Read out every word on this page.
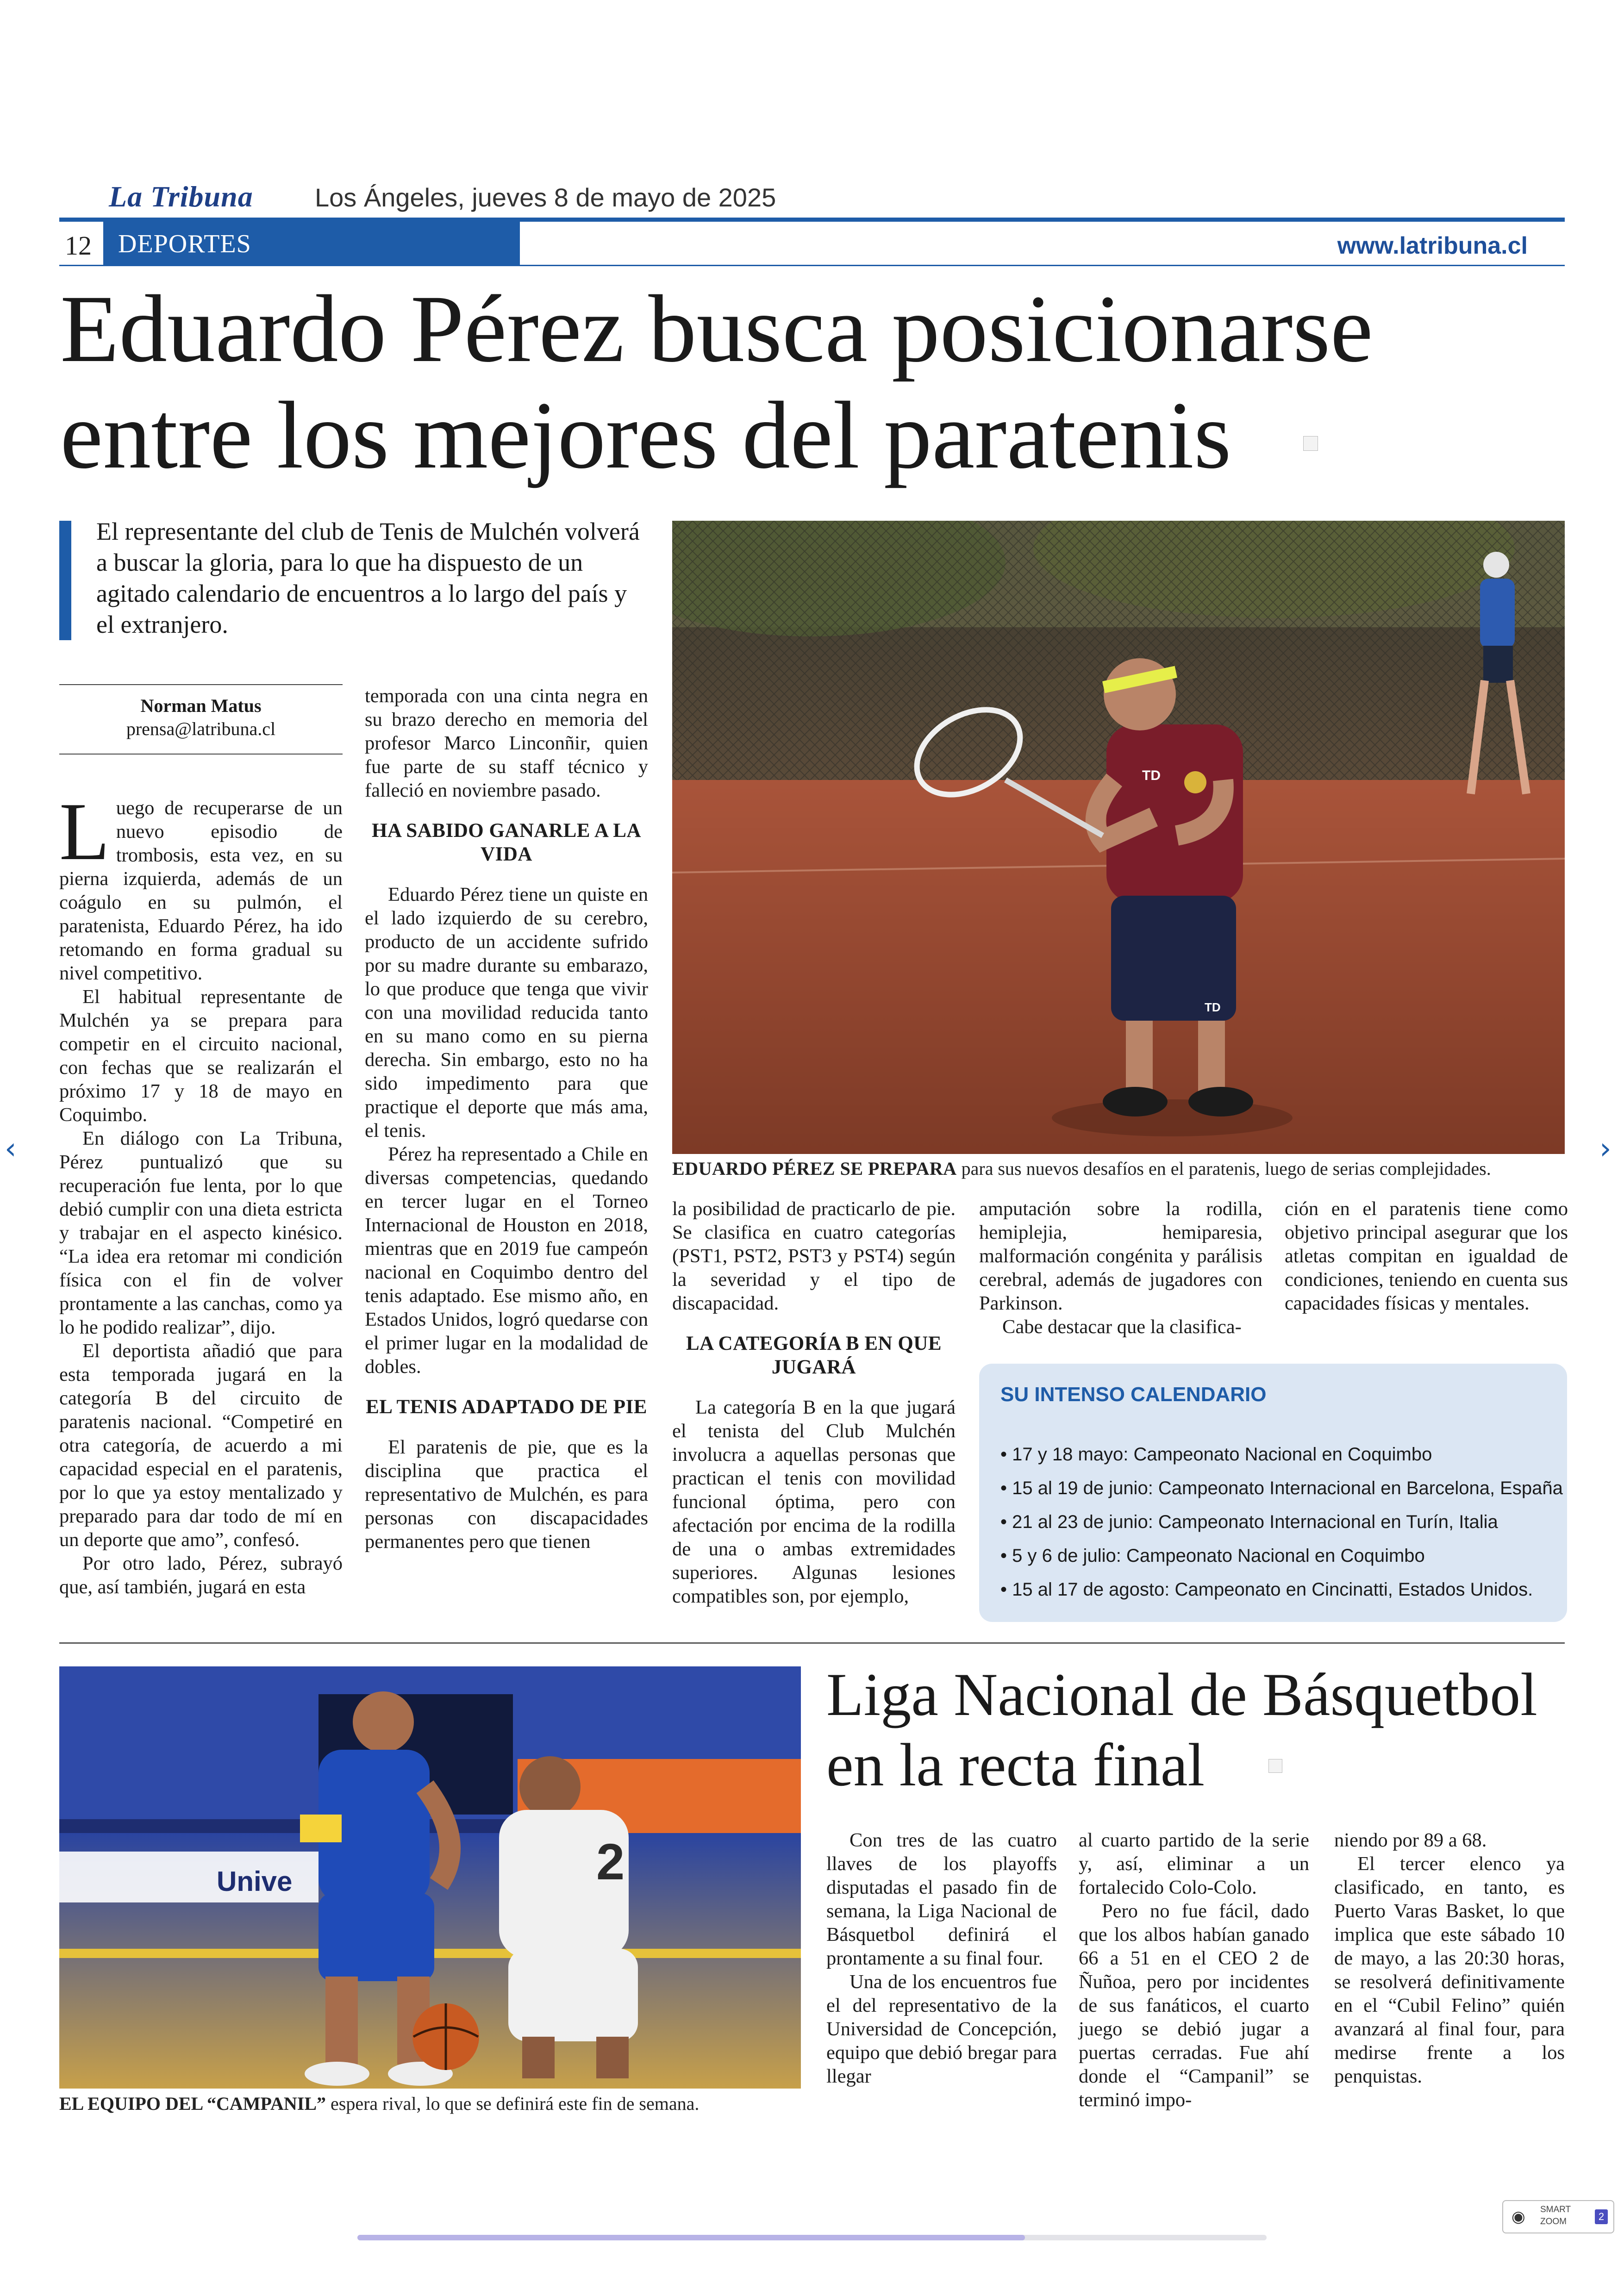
La Tribuna Los Ángeles, jueves 8 de mayo de 2025
12 DEPORTES	www.latribuna.cl
Eduardo Pérez busca posicionarse entre los mejores del paratenis
El representante del club de Tenis de Mulchén volverá a buscar la gloria, para lo que ha dispuesto de un agitado calendario de encuentros a lo largo del país y el extranjero.
TD
TD
EDUARDO PÉREZ SE PREPARA para sus nuevos desafíos en el paratenis, luego de serias complejidades.
Norman Matus
prensa@latribuna.cl

Luego de recuperarse de un nuevo episodio de trombosis, esta vez, en su pierna izquierda, además de un coágulo en su pulmón, el paratenista, Eduardo Pérez, ha ido retomando en forma gradual su nivel competitivo.

El habitual representante de Mulchén ya se prepara para competir en el circuito nacional, con fechas que se realizarán el próximo 17 y 18 de mayo en Coquimbo.

En diálogo con La Tribuna, Pérez puntualizó que su recuperación fue lenta, por lo que debió cumplir con una dieta estricta y trabajar en el aspecto kinésico. “La idea era retomar mi condición física con el fin de volver prontamente a las canchas, como ya lo he podido realizar”, dijo.

El deportista añadió que para esta temporada jugará en la categoría B del circuito de paratenis nacional. “Competiré en otra categoría, de acuerdo a mi capacidad especial en el paratenis, por lo que ya estoy mentalizado y preparado para dar todo de mí en un deporte que amo”, confesó.

Por otro lado, Pérez, subrayó que, así también, jugará en esta

temporada con una cinta negra en su brazo derecho en memoria del profesor Marco Linconñir, quien fue parte de su staff técnico y falleció en noviembre pasado.

HA SABIDO GANARLE A LA VIDA

Eduardo Pérez tiene un quiste en el lado izquierdo de su cerebro, producto de un accidente sufrido por su madre durante su embarazo, lo que produce que tenga que vivir con una movilidad reducida tanto en su mano como en su pierna derecha. Sin embargo, esto no ha sido impedimento para que practique el deporte que más ama, el tenis.

Pérez ha representado a Chile en diversas competencias, quedando en tercer lugar en el Torneo Internacional de Houston en 2018, mientras que en 2019 fue campeón nacional en Coquimbo dentro del tenis adaptado. Ese mismo año, en Estados Unidos, logró quedarse con el primer lugar en la modalidad de dobles.

EL TENIS ADAPTADO DE PIE

El paratenis de pie, que es la disciplina que practica el representativo de Mulchén, es para personas con discapacidades permanentes pero que tienen

la posibilidad de practicarlo de pie. Se clasifica en cuatro categorías (PST1, PST2, PST3 y PST4) según la severidad y el tipo de discapacidad.

LA CATEGORÍA B EN QUE JUGARÁ

La categoría B en la que jugará el tenista del Club Mulchén involucra a aquellas personas que practican el tenis con movilidad funcional óptima, pero con afectación por encima de la rodilla de una o ambas extremidades superiores. Algunas lesiones compatibles son, por ejemplo,

amputación sobre la rodilla, hemiplejia, hemiparesia, malformación congénita y parálisis cerebral, además de jugadores con Parkinson.

Cabe destacar que la clasifica-

ción en el paratenis tiene como objetivo principal asegurar que los atletas compitan en igualdad de condiciones, teniendo en cuenta sus capacidades físicas y mentales.

SU INTENSO CALENDARIO
• 17 y 18 mayo: Campeonato Nacional en Coquimbo
• 15 al 19 de junio: Campeonato Internacional en Barcelona, España
• 21 al 23 de junio: Campeonato Internacional en Turín, Italia
• 5 y 6 de julio: Campeonato Nacional en Coquimbo
• 15 al 17 de agosto: Campeonato en Cincinatti, Estados Unidos.
Unive	2
EL EQUIPO DEL “CAMPANIL” espera rival, lo que se definirá este fin de semana.
Liga Nacional de Básquetbol en la recta final

Con tres de las cuatro llaves de los playoffs disputadas el pasado fin de semana, la Liga Nacional de Básquetbol definirá el prontamente a su final four.

Una de los encuentros fue el del representativo de la Universidad de Concepción, equipo que debió bregar para llegar

al cuarto partido de la serie y, así, eliminar a un fortalecido Colo-Colo.

Pero no fue fácil, dado que los albos habían ganado 66 a 51 en el CEO 2 de Ñuñoa, pero por incidentes de sus fanáticos, el cuarto juego se debió jugar a puertas cerradas. Fue ahí donde el “Campanil” se terminó impo-

niendo por 89 a 68.

El tercer elenco ya clasificado, en tanto, es Puerto Varas Basket, lo que implica que este sábado 10 de mayo, a las 20:30 horas, se resolverá definitivamente en el “Cubil Felino” quién avanzará al final four, para medirse frente a los penquistas.

‹	›
◉ SMART
ZOOM	2
